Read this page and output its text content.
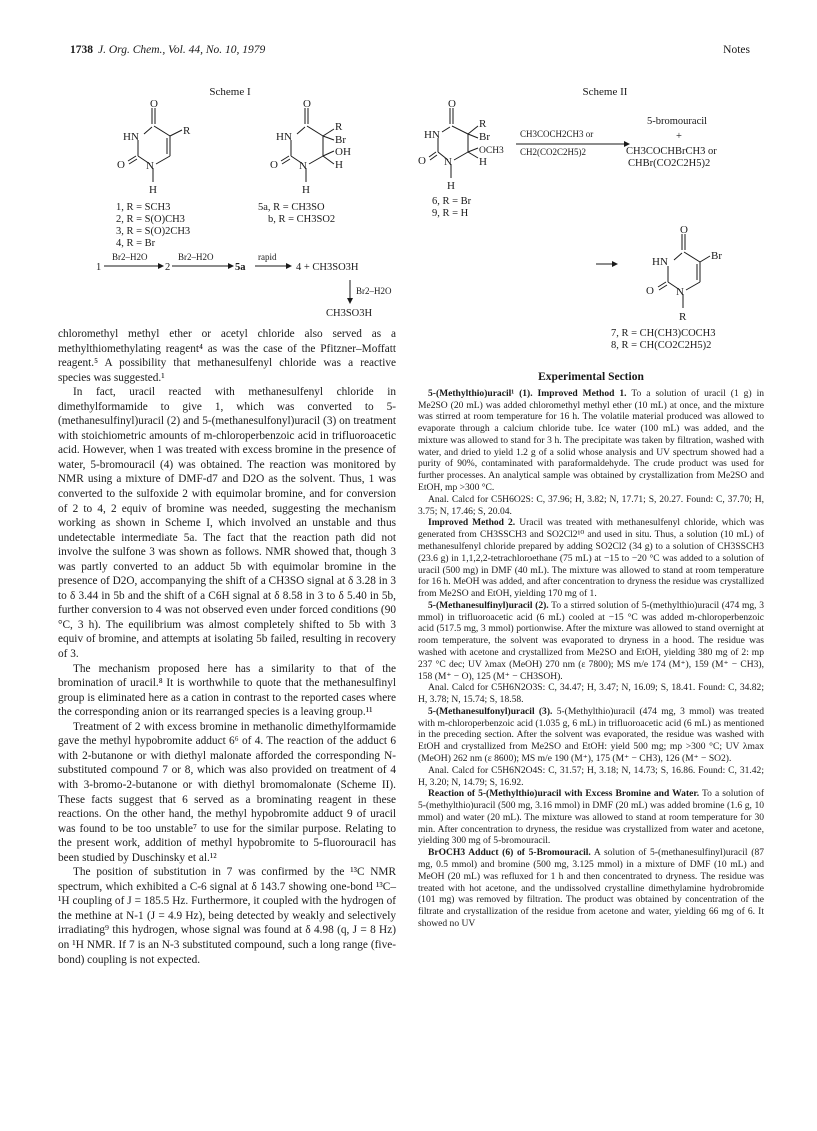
1738 J. Org. Chem., Vol. 44, No. 10, 1979	Notes
Scheme I
O
HN	R
N
O
H
O
HN
R
Br
OH
H
N
O
H
1, R = SCH3
2, R = S(O)CH3
3, R = S(O)2CH3
4, R = Br
5a, R = CH3SO
b, R = CH3SO2
1	2	5a	4 + CH3SO3H
CH3SO3H
Br2–H2O	Br2–H2O	rapid
Br2–H2O
Scheme II
O
HN
R
Br
OCH3
H
N
O
H
O
HN	Br
N
O
R
6, R = Br
9, R = H
5-bromouracil
+
CH3COCHBrCH3 or
CHBr(CO2C2H5)2
7, R = CH(CH3)COCH3
8, R = CH(CO2C2H5)2
CH3COCH2CH3 or
CH2(CO2C2H5)2

chloromethyl methyl ether or acetyl chloride also served as a methylthiomethylating reagent⁴ as was the case of the Pfitzner–Moffatt reagent.⁵ A possibility that methanesulfenyl chloride was a reactive species was suggested.¹

In fact, uracil reacted with methanesulfenyl chloride in dimethylformamide to give 1, which was converted to 5-(methanesulfinyl)uracil (2) and 5-(methanesulfonyl)uracil (3) on treatment with stoichiometric amounts of m-chloroperbenzoic acid in trifluoroacetic acid. However, when 1 was treated with excess bromine in the presence of water, 5-bromouracil (4) was obtained. The reaction was monitored by NMR using a mixture of DMF-d7 and D2O as the solvent. Thus, 1 was converted to the sulfoxide 2 with equimolar bromine, and for conversion of 2 to 4, 2 equiv of bromine was needed, suggesting the mechanism working as shown in Scheme I, which involved an unstable and thus undetectable intermediate 5a. The fact that the reaction path did not involve the sulfone 3 was shown as follows. NMR showed that, though 3 was partly converted to an adduct 5b with equimolar bromine in the presence of D2O, accompanying the shift of a CH3SO signal at δ 3.28 in 3 to δ 3.44 in 5b and the shift of a C6H signal at δ 8.58 in 3 to δ 5.40 in 5b, further conversion to 4 was not observed even under forced conditions (90 °C, 3 h). The equilibrium was almost completely shifted to 5b with 3 equiv of bromine, and attempts at isolating 5b failed, resulting in recovery of 3.

The mechanism proposed here has a similarity to that of the bromination of uracil.⁸ It is worthwhile to quote that the methanesulfinyl group is eliminated here as a cation in contrast to the reported cases where the corresponding anion or its rearranged species is a leaving group.¹¹

Treatment of 2 with excess bromine in methanolic dimethylformamide gave the methyl hypobromite adduct 6⁶ of 4. The reaction of the adduct 6 with 2-butanone or with diethyl malonate afforded the corresponding N-substituted compound 7 or 8, which was also provided on treatment of 4 with 3-bromo-2-butanone or with diethyl bromomalonate (Scheme II). These facts suggest that 6 served as a brominating reagent in these reactions. On the other hand, the methyl hypobromite adduct 9 of uracil was found to be too unstable⁷ to use for the similar purpose. Relating to the present work, addition of methyl hypobromite to 5-fluorouracil has been studied by Duschinsky et al.¹²

The position of substitution in 7 was confirmed by the ¹³C NMR spectrum, which exhibited a C-6 signal at δ 143.7 showing one-bond ¹³C–¹H coupling of J = 185.5 Hz. Furthermore, it coupled with the hydrogen of the methine at N-1 (J = 4.9 Hz), being detected by weakly and selectively irradiating⁹ this hydrogen, whose signal was found at δ 4.98 (q, J = 8 Hz) on ¹H NMR. If 7 is an N-3 substituted compound, such a long range (five-bond) coupling is not expected.

Experimental Section

5-(Methylthio)uracil¹ (1). Improved Method 1. To a solution of uracil (1 g) in Me2SO (20 mL) was added chloromethyl methyl ether (10 mL) at once, and the mixture was stirred at room temperature for 16 h. The volatile material produced was allowed to evaporate through a calcium chloride tube. Ice water (100 mL) was added, and the mixture was allowed to stand for 3 h. The precipitate was taken by filtration, washed with water, and dried to yield 1.2 g of a solid whose analysis and UV spectrum showed had a purity of 90%, contaminated with paraformaldehyde. The crude product was used for further processes. An analytical sample was obtained by crystallization from Me2SO and EtOH, mp >300 °C.

Anal. Calcd for C5H6O2S: C, 37.96; H, 3.82; N, 17.71; S, 20.27. Found: C, 37.70; H, 3.75; N, 17.46; S, 20.04.

Improved Method 2. Uracil was treated with methanesulfenyl chloride, which was generated from CH3SSCH3 and SO2Cl2¹⁰ and used in situ. Thus, a solution (10 mL) of methanesulfenyl chloride prepared by adding SO2Cl2 (34 g) to a solution of CH3SSCH3 (23.6 g) in 1,1,2,2-tetrachloroethane (75 mL) at −15 to −20 °C was added to a solution of uracil (500 mg) in DMF (40 mL). The mixture was allowed to stand at room temperature for 16 h. MeOH was added, and after concentration to dryness the residue was crystallized from Me2SO and EtOH, yielding 170 mg of 1.

5-(Methanesulfinyl)uracil (2). To a stirred solution of 5-(methylthio)uracil (474 mg, 3 mmol) in trifluoroacetic acid (6 mL) cooled at −15 °C was added m-chloroperbenzoic acid (517.5 mg, 3 mmol) portionwise. After the mixture was allowed to stand overnight at room temperature, the solvent was evaporated to dryness in a hood. The residue was washed with acetone and crystallized from Me2SO and EtOH, yielding 380 mg of 2: mp 237 °C dec; UV λmax (MeOH) 270 nm (ε 7800); MS m/e 174 (M⁺), 159 (M⁺ − CH3), 158 (M⁺ − O), 125 (M⁺ − CH3SOH).

Anal. Calcd for C5H6N2O3S: C, 34.47; H, 3.47; N, 16.09; S, 18.41. Found: C, 34.82; H, 3.78; N, 15.74; S, 18.58.

5-(Methanesulfonyl)uracil (3). 5-(Methylthio)uracil (474 mg, 3 mmol) was treated with m-chloroperbenzoic acid (1.035 g, 6 mL) in trifluoroacetic acid (6 mL) as mentioned in the preceding section. After the solvent was evaporated, the residue was washed with EtOH and crystallized from Me2SO and EtOH: yield 500 mg; mp >300 °C; UV λmax (MeOH) 262 nm (ε 8600); MS m/e 190 (M⁺), 175 (M⁺ − CH3), 126 (M⁺ − SO2).

Anal. Calcd for C5H6N2O4S: C, 31.57; H, 3.18; N, 14.73; S, 16.86. Found: C, 31.42; H, 3.20; N, 14.79; S, 16.92.

Reaction of 5-(Methylthio)uracil with Excess Bromine and Water. To a solution of 5-(methylthio)uracil (500 mg, 3.16 mmol) in DMF (20 mL) was added bromine (1.6 g, 10 mmol) and water (20 mL). The mixture was allowed to stand at room temperature for 30 min. After concentration to dryness, the residue was crystallized from water and acetone, yielding 300 mg of 5-bromouracil.

BrOCH3 Adduct (6) of 5-Bromouracil. A solution of 5-(methanesulfinyl)uracil (87 mg, 0.5 mmol) and bromine (500 mg, 3.125 mmol) in a mixture of DMF (10 mL) and MeOH (20 mL) was refluxed for 1 h and then concentrated to dryness. The residue was treated with hot acetone, and the undissolved crystalline dimethylamine hydrobromide (101 mg) was removed by filtration. The product was obtained by concentration of the filtrate and crystallization of the residue from acetone and water, yielding 66 mg of 6. It showed no UV
